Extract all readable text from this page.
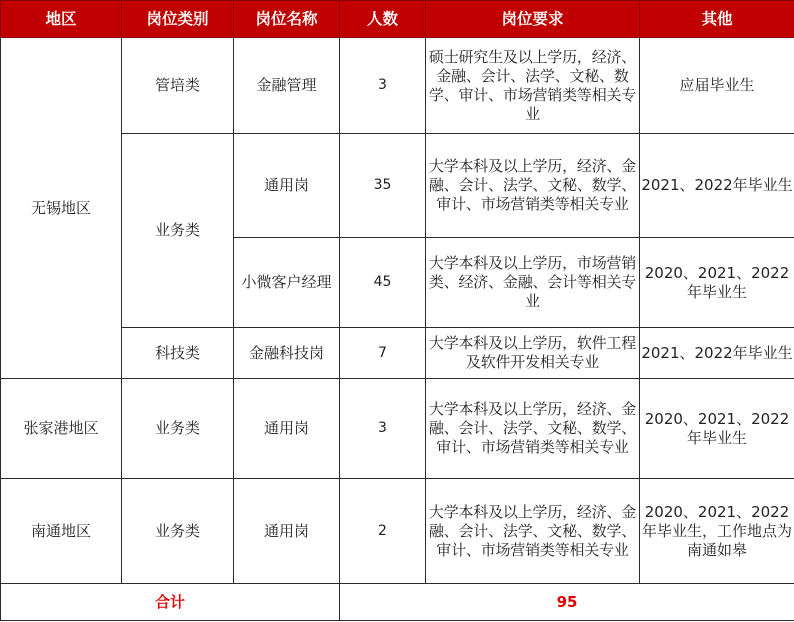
地区	岗位类别	岗位名称	人数	岗位要求	其他
无锡地区	管培类	金融管理	3	硕士研究生及以上学历，经济、金融、会计、法学、文秘、数学、审计、市场营销类等相关专业	应届毕业生
	业务类	通用岗	35	大学本科及以上学历，经济、金融、会计、法学、文秘、数学、审计、市场营销类等相关专业	2021、2022年毕业生
		小微客户经理	45	大学本科及以上学历，市场营销类、经济、金融、会计等相关专业	2020、2021、2022年毕业生
	科技类	金融科技岗	7	大学本科及以上学历，软件工程及软件开发相关专业	2021、2022年毕业生
张家港地区	业务类	通用岗	3	大学本科及以上学历，经济、金融、会计、法学、文秘、数学、审计、市场营销类等相关专业	2020、2021、2022年毕业生
南通地区	业务类	通用岗	2	大学本科及以上学历，经济、金融、会计、法学、文秘、数学、审计、市场营销类等相关专业	2020、2021、2022年毕业生，工作地点为南通如皋
合计			95		
